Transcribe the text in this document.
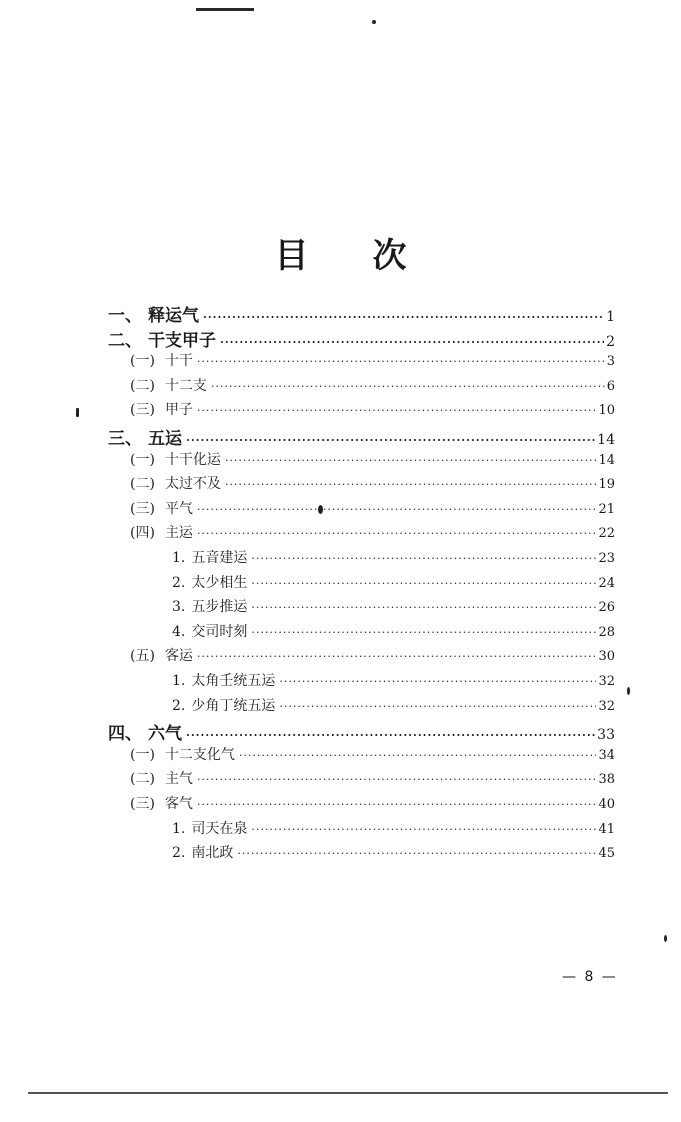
目 次
一、 释运气 ·····	1
二、 干支甲子 ·····	2
(一) 十干 ·····	3
(二) 十二支 ·····	6
(三) 甲子 ·····	10
三、 五运 ·····	14
(一) 十干化运 ·····	14
(二) 太过不及 ·····	19
(三) 平气 ·····	21
(四) 主运 ·····	22
1. 五音建运 ·····	23
2. 太少相生 ·····	24
3. 五步推运 ·····	26
4. 交司时刻 ·····	28
(五) 客运 ·····	30
1. 太角壬统五运 ·····	32
2. 少角丁统五运 ·····	32
四、 六气 ·····	33
(一) 十二支化气 ·····	34
(二) 主气 ·····	38
(三) 客气 ·····	40
1. 司天在泉 ·····	41
2. 南北政 ·····	45
— 8 —
